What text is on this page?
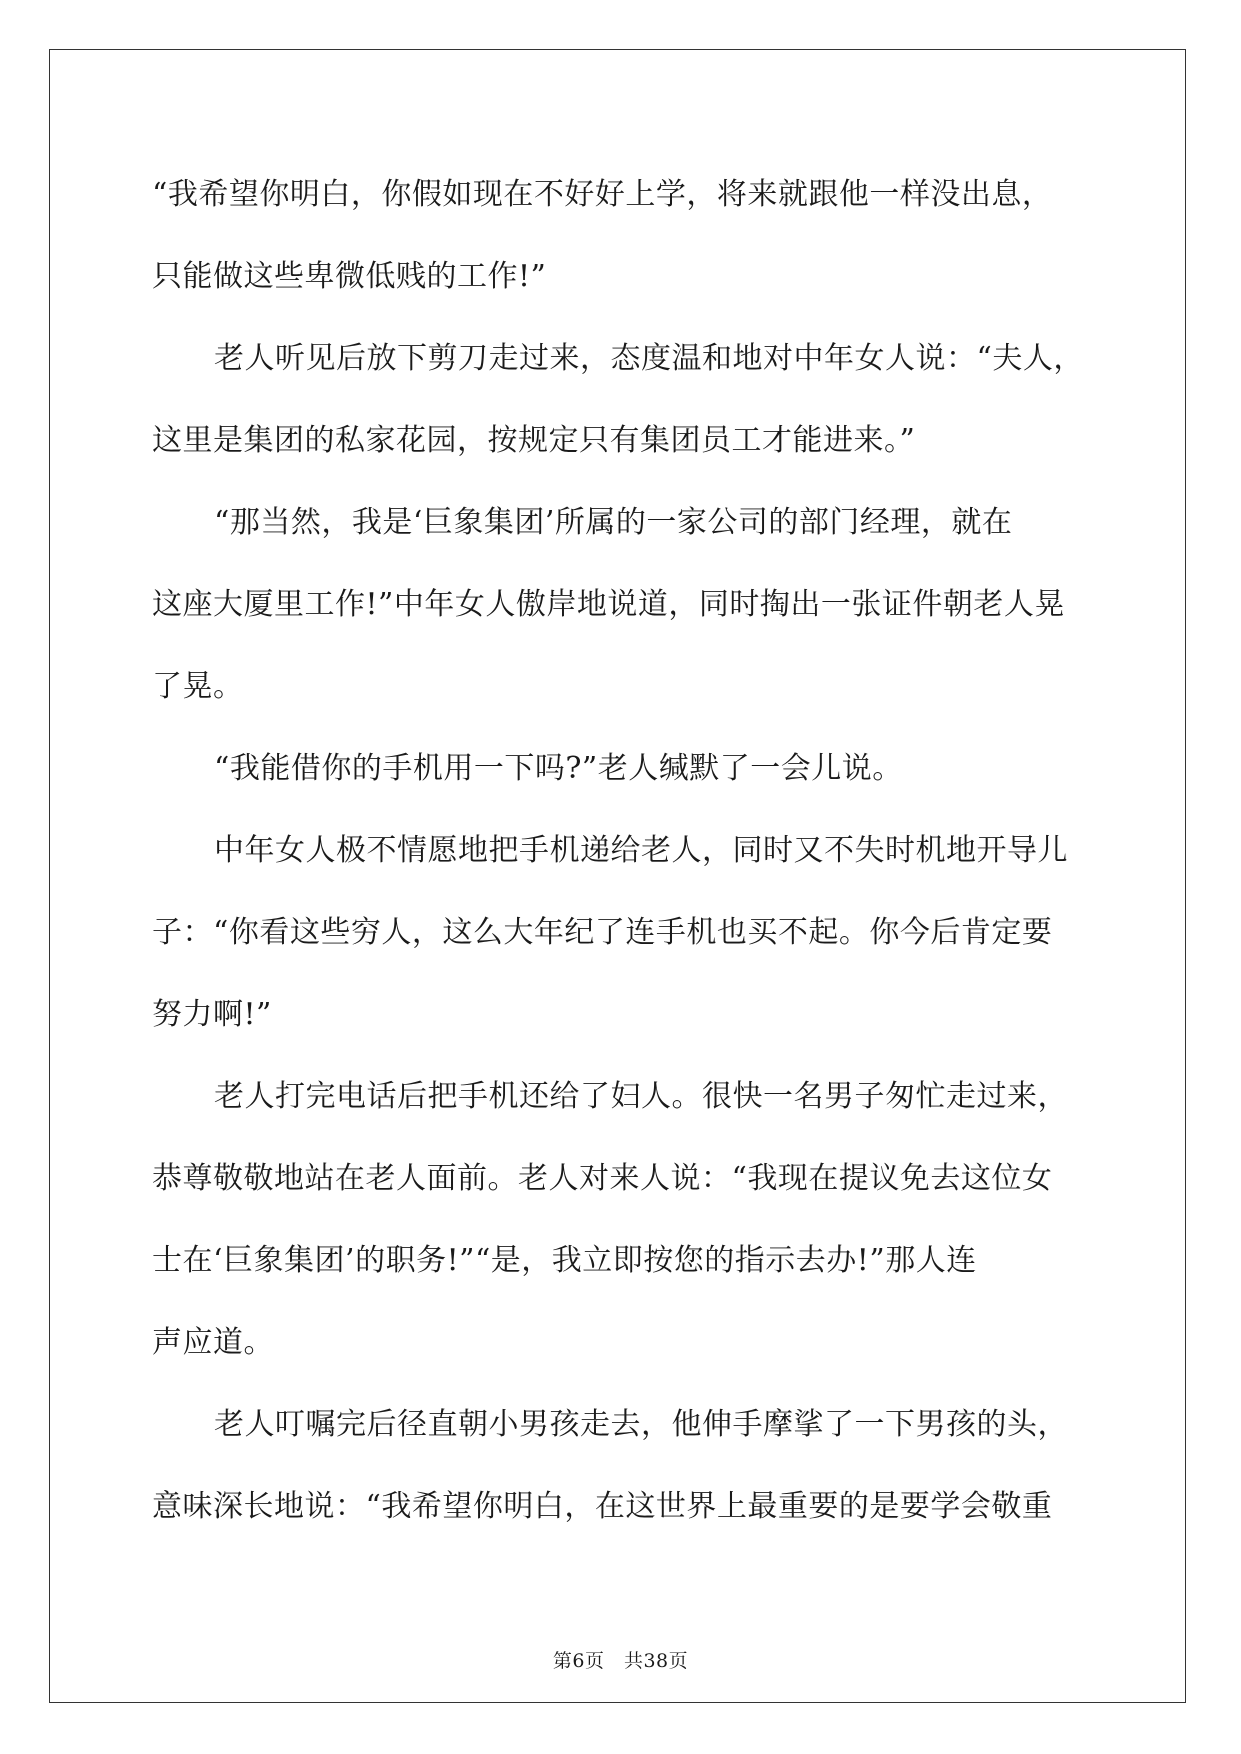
“我希望你明白，你假如现在不好好上学，将来就跟他一样没出息，
只能做这些卑微低贱的工作!”
老人听见后放下剪刀走过来，态度温和地对中年女人说：“夫人，
这里是集团的私家花园，按规定只有集团员工才能进来。”
“那当然，我是‘巨象集团’所属的一家公司的部门经理，就在
这座大厦里工作!”中年女人傲岸地说道，同时掏出一张证件朝老人晃
了晃。
“我能借你的手机用一下吗?”老人缄默了一会儿说。
中年女人极不情愿地把手机递给老人，同时又不失时机地开导儿
子：“你看这些穷人，这么大年纪了连手机也买不起。你今后肯定要
努力啊!”
老人打完电话后把手机还给了妇人。很快一名男子匆忙走过来，
恭尊敬敬地站在老人面前。老人对来人说：“我现在提议免去这位女
士在‘巨象集团’的职务!”“是，我立即按您的指示去办!”那人连
声应道。
老人叮嘱完后径直朝小男孩走去，他伸手摩挲了一下男孩的头，
意味深长地说：“我希望你明白，在这世界上最重要的是要学会敬重
第6页　共38页
